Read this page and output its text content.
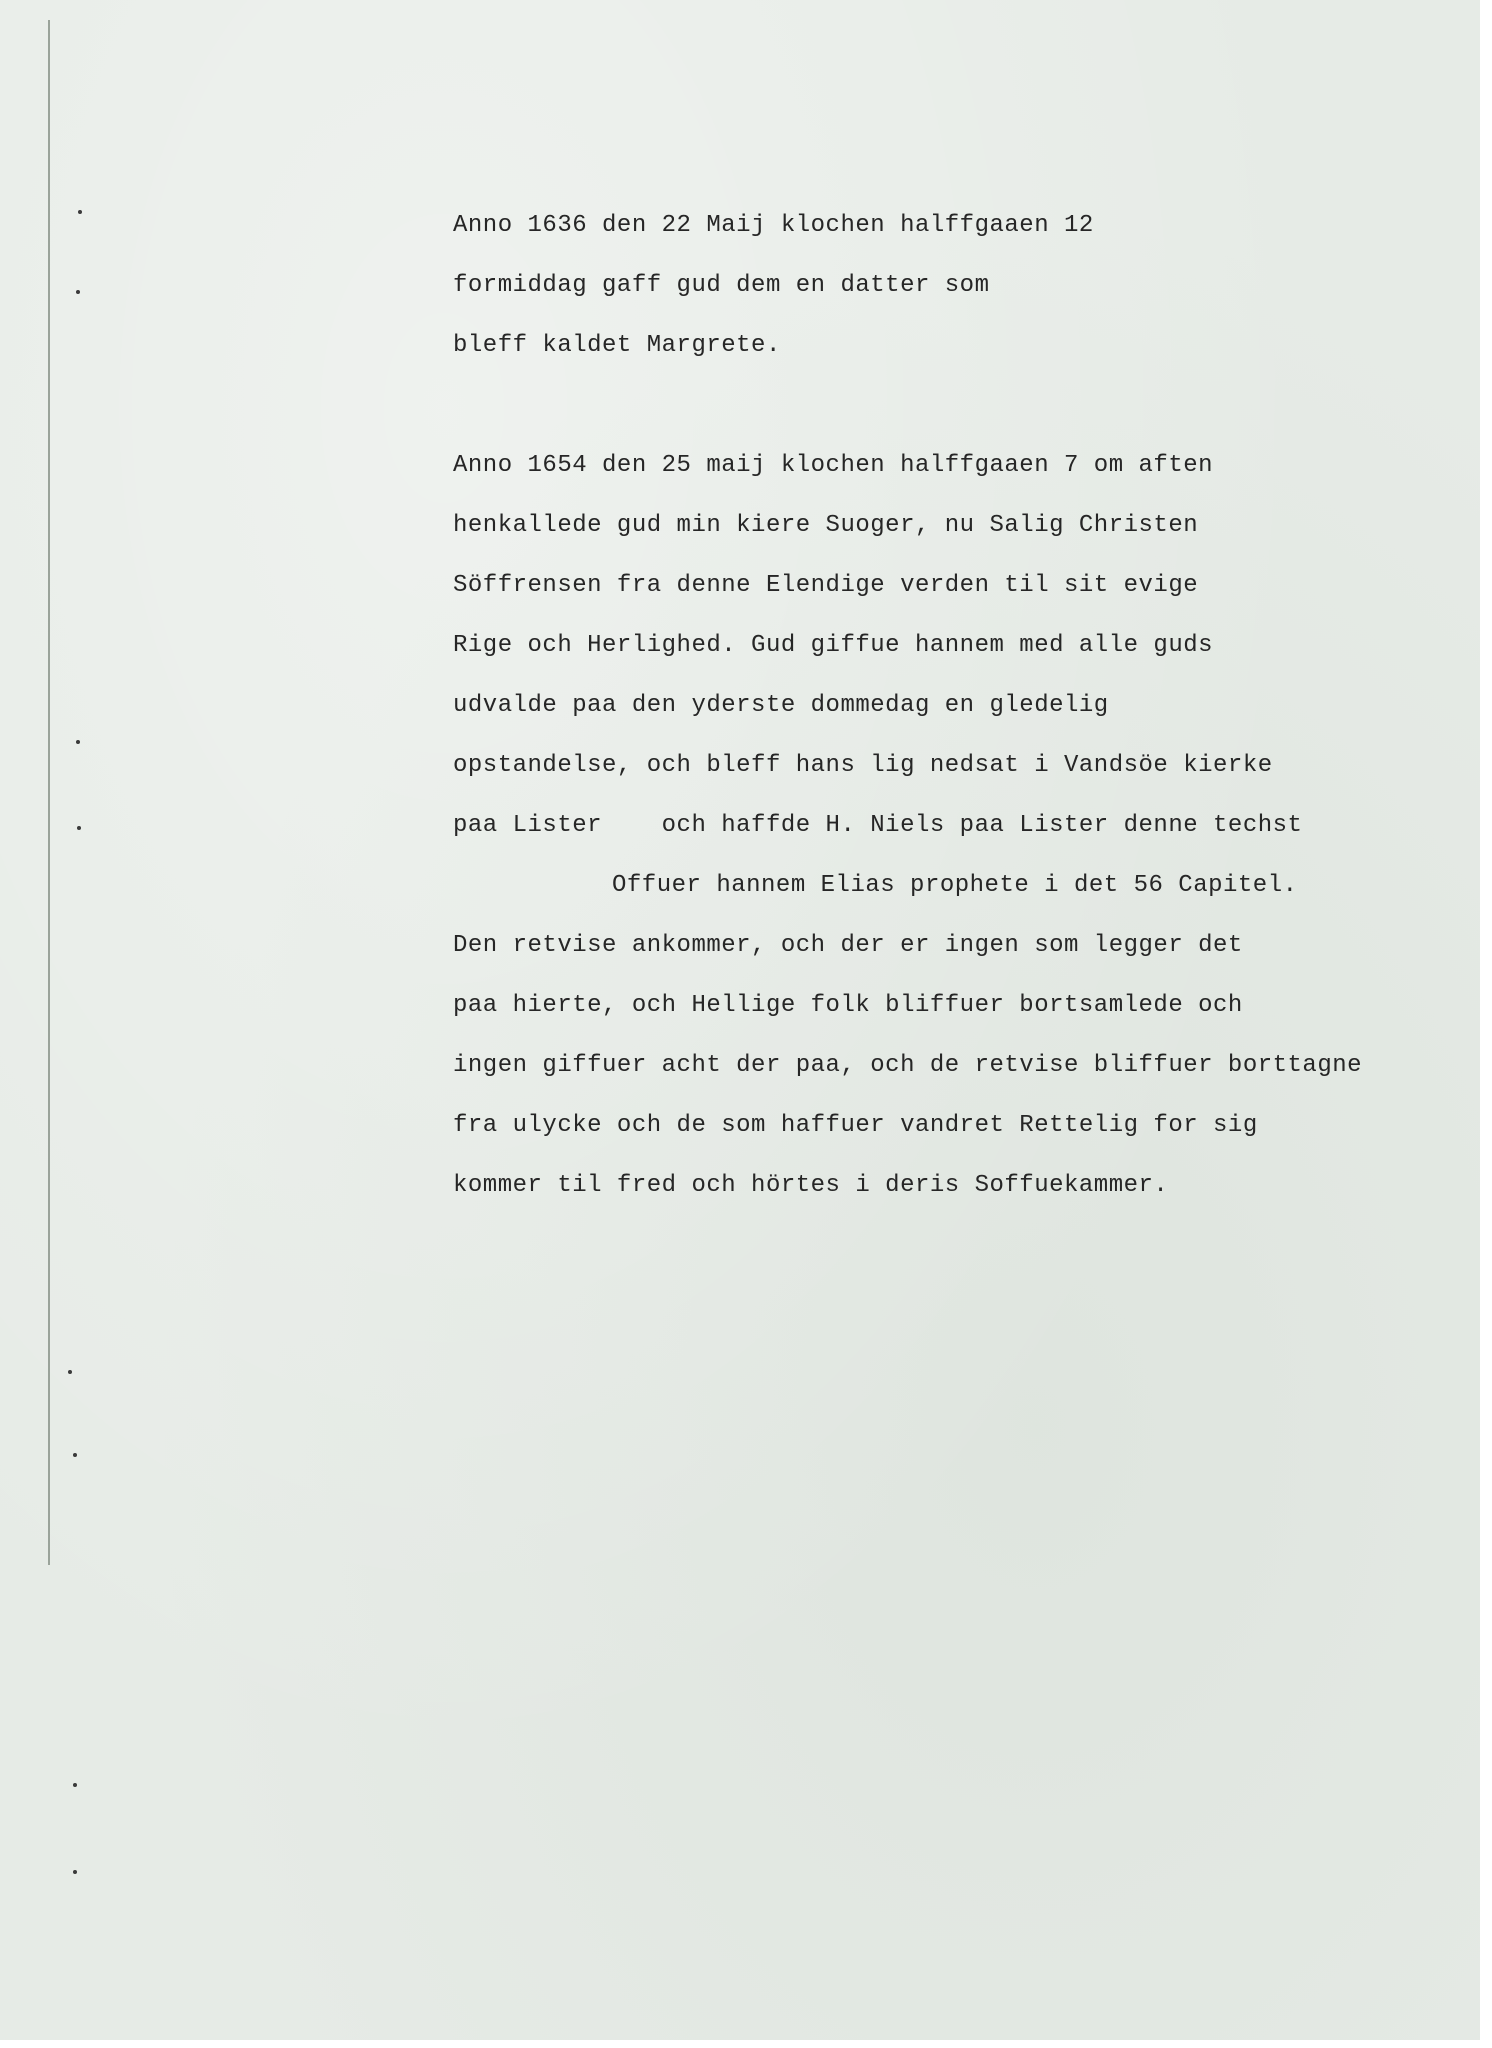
Anno 1636 den 22 Maij klochen halffgaaen 12
formiddag gaff gud dem en datter som
bleff kaldet Margrete.
Anno 1654 den 25 maij klochen halffgaaen 7 om aften
henkallede gud min kiere Suoger, nu Salig Christen
Söffrensen fra denne Elendige verden til sit evige
Rige och Herlighed. Gud giffue hannem med alle guds
udvalde paa den yderste dommedag en gledelig
opstandelse, och bleff hans lig nedsat i Vandsöe kierke
paa Lister    och haffde H. Niels paa Lister denne techst
Offuer hannem Elias prophete i det 56 Capitel.
Den retvise ankommer, och der er ingen som legger det
paa hierte, och Hellige folk bliffuer bortsamlede och
ingen giffuer acht der paa, och de retvise bliffuer borttagne
fra ulycke och de som haffuer vandret Rettelig for sig
kommer til fred och hörtes i deris Soffuekammer.
